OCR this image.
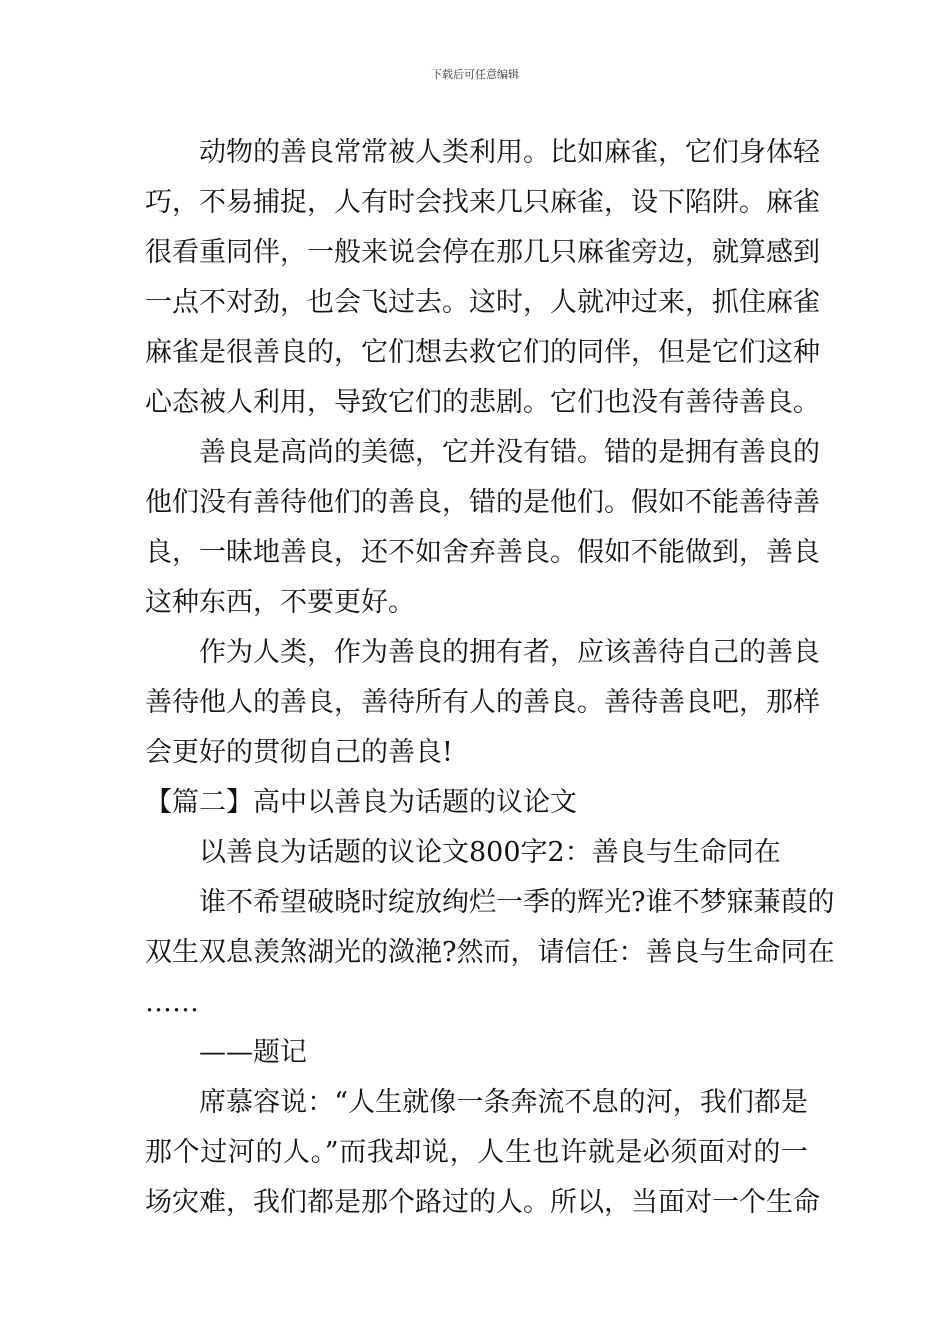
下载后可任意编辑
动物的善良常常被人类利用。比如麻雀，它们身体轻
巧，不易捕捉，人有时会找来几只麻雀，设下陷阱。麻雀
很看重同伴，一般来说会停在那几只麻雀旁边，就算感到
一点不对劲，也会飞过去。这时，人就冲过来，抓住麻雀
麻雀是很善良的，它们想去救它们的同伴，但是它们这种
心态被人利用，导致它们的悲剧。它们也没有善待善良。
善良是高尚的美德，它并没有错。错的是拥有善良的
他们没有善待他们的善良，错的是他们。假如不能善待善
良，一昧地善良，还不如舍弃善良。假如不能做到，善良
这种东西，不要更好。
作为人类，作为善良的拥有者，应该善待自己的善良
善待他人的善良，善待所有人的善良。善待善良吧，那样
会更好的贯彻自己的善良!
【篇二】高中以善良为话题的议论文
以善良为话题的议论文800字2：善良与生命同在
谁不希望破晓时绽放绚烂一季的辉光?谁不梦寐蒹葭的
双生双息羡煞湖光的潋滟?然而，请信任：善良与生命同在
……
——题记
席慕容说：“人生就像一条奔流不息的河，我们都是
那个过河的人。”而我却说，人生也许就是必须面对的一
场灾难，我们都是那个路过的人。所以，当面对一个生命
